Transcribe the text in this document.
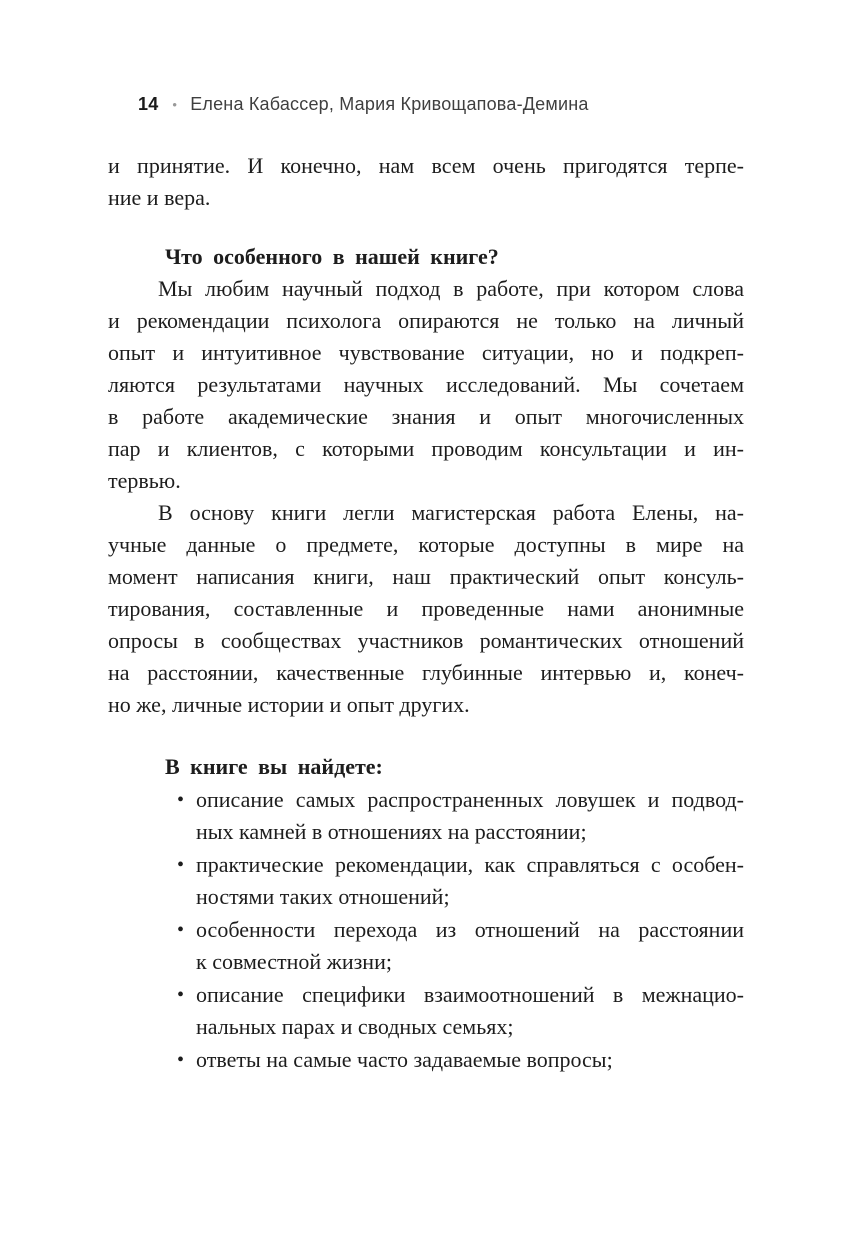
14 • Елена Кабассер, Мария Кривощапова-Демина
и принятие. И конечно, нам всем очень пригодятся терпе-
ние и вера.
Что особенного в нашей книге?
Мы любим научный подход в работе, при котором слова
и рекомендации психолога опираются не только на личный
опыт и интуитивное чувствование ситуации, но и подкреп-
ляются результатами научных исследований. Мы сочетаем
в работе академические знания и опыт многочисленных
пар и клиентов, с которыми проводим консультации и ин-
тервью.
В основу книги легли магистерская работа Елены, на-
учные данные о предмете, которые доступны в мире на
момент написания книги, наш практический опыт консуль-
тирования, составленные и проведенные нами анонимные
опросы в сообществах участников романтических отношений
на расстоянии, качественные глубинные интервью и, конеч-
но же, личные истории и опыт других.
В книге вы найдете:
• описание самых распространенных ловушек и подвод-
ных камней в отношениях на расстоянии;
• практические рекомендации, как справляться с особен-
ностями таких отношений;
• особенности перехода из отношений на расстоянии
к совместной жизни;
• описание специфики взаимоотношений в межнацио-
нальных парах и сводных семьях;
• ответы на самые часто задаваемые вопросы;
